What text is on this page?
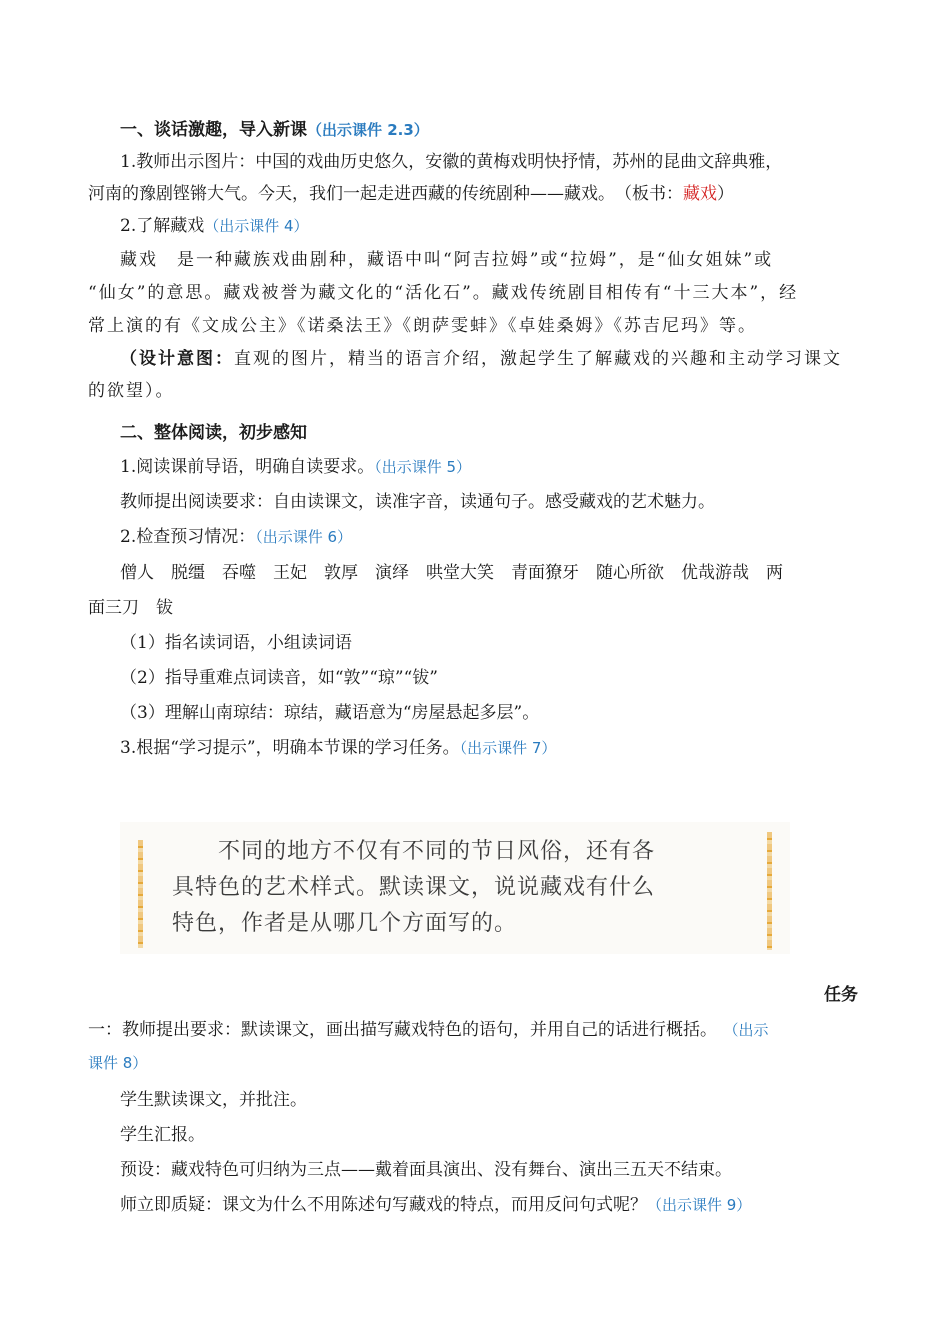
一、谈话激趣，导入新课（出示课件 2.3）
1.教师出示图片：中国的戏曲历史悠久，安徽的黄梅戏明快抒情，苏州的昆曲文辞典雅，
河南的豫剧铿锵大气。今天，我们一起走进西藏的传统剧种——藏戏。　（板书：藏戏）
2.了解藏戏（出示课件 4）
藏戏　是一种藏族戏曲剧种，藏语中叫“阿吉拉姆”或“拉姆”，是“仙女姐妹”或
“仙女”的意思。藏戏被誉为藏文化的“活化石”。藏戏传统剧目相传有“十三大本”，经
常上演的有《文成公主》《诺桑法王》《朗萨雯蚌》《卓娃桑姆》《苏吉尼玛》等。
（设计意图：直观的图片，精当的语言介绍，激起学生了解藏戏的兴趣和主动学习课文
的欲望）。
二、整体阅读，初步感知
1.阅读课前导语，明确自读要求。（出示课件 5）
教师提出阅读要求：自由读课文，读准字音，读通句子。感受藏戏的艺术魅力。
2.检查预习情况：（出示课件 6）
僧人　脱缰　吞噬　王妃　敦厚　演绎　哄堂大笑　青面獠牙　随心所欲　优哉游哉　两
面三刀　钹
（1）指名读词语，小组读词语
（2）指导重难点词读音，如“敦”“琼”“钹”
（3）理解山南琼结：琼结，藏语意为“房屋悬起多层”。
3.根据“学习提示”，明确本节课的学习任务。（出示课件 7）
　　不同的地方不仅有不同的节日风俗，还有各
具特色的艺术样式。默读课文，说说藏戏有什么
特色，作者是从哪几个方面写的。
任务
一：教师提出要求：默读课文，画出描写藏戏特色的语句，并用自己的话进行概括。 （出示
课件 8）
学生默读课文，并批注。
学生汇报。
预设：藏戏特色可归纳为三点——戴着面具演出、没有舞台、演出三五天不结束。
师立即质疑：课文为什么不用陈述句写藏戏的特点，而用反问句式呢？（出示课件 9）
